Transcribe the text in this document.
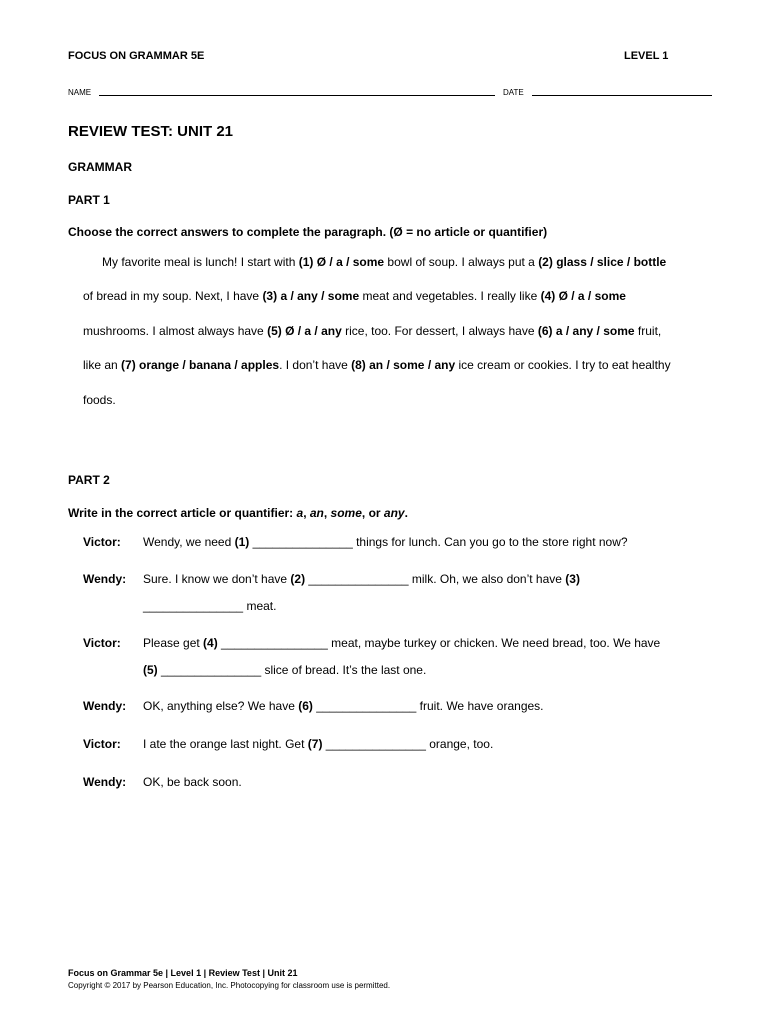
FOCUS ON GRAMMAR 5E	LEVEL 1
NAME	DATE
REVIEW TEST: UNIT 21
GRAMMAR
PART 1
Choose the correct answers to complete the paragraph. (Ø = no article or quantifier)
My favorite meal is lunch! I start with (1) Ø / a / some bowl of soup. I always put a (2) glass / slice / bottle
of bread in my soup. Next, I have (3) a / any / some meat and vegetables. I really like (4) Ø / a / some
mushrooms. I almost always have (5) Ø / a / any rice, too. For dessert, I always have (6) a / any / some fruit,
like an (7) orange / banana / apples. I don’t have (8) an / some / any ice cream or cookies. I try to eat healthy
foods.
PART 2
Write in the correct article or quantifier: a, an, some, or any.
Victor: Wendy, we need (1) _______________ things for lunch. Can you go to the store right now?
Wendy: Sure. I know we don’t have (2) _______________ milk. Oh, we also don’t have (3)
_______________ meat.
Victor: Please get (4) ________________ meat, maybe turkey or chicken. We need bread, too. We have
(5) _______________ slice of bread. It’s the last one.
Wendy: OK, anything else? We have (6) _______________ fruit. We have oranges.
Victor: I ate the orange last night. Get (7) _______________ orange, too.
Wendy: OK, be back soon.
Focus on Grammar 5e | Level 1 | Review Test | Unit 21
Copyright © 2017 by Pearson Education, Inc. Photocopying for classroom use is permitted.
